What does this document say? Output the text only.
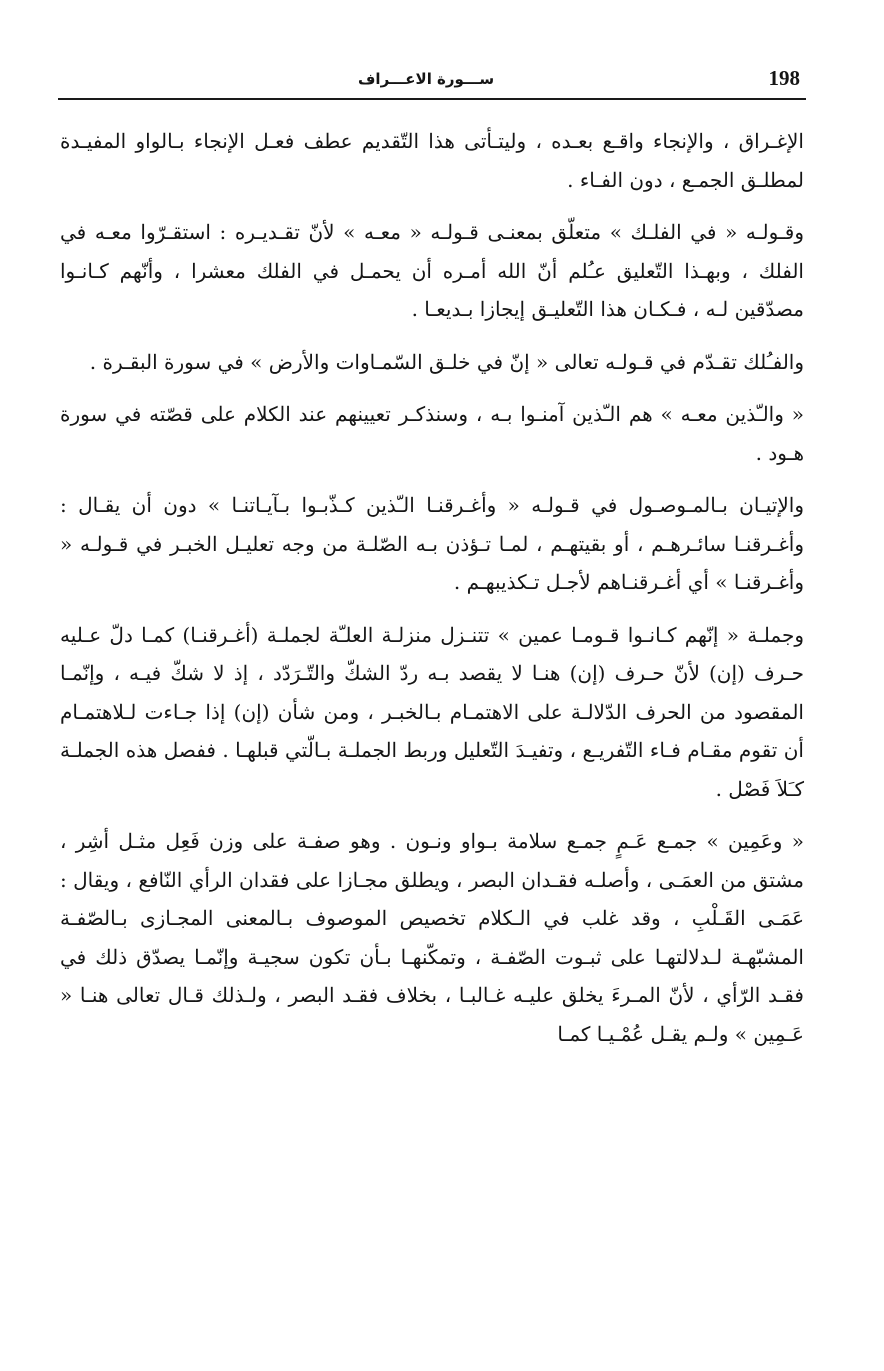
198
ســـورة الاعـــراف

الإغـراق ، والإنجاء واقـع بعـده ، وليتـأتى هذا التّقديم عطف فعـل الإنجاء بـالواو المفيـدة لمطلـق الجمـع ، دون الفـاء .

وقـولـه « في الفلـك » متعلّق بمعنـى قـولـه « معـه » لأنّ تقـديـره : استقـرّوا معـه في الفلك ، وبهـذا التّعليق عـُلم أنّ الله أمـره أن يحمـل في الفلك معشرا ، وأنّهم كـانـوا مصدّقين لـه ، فـكـان هذا التّعليـق إيجازا بـديعـا .

والفـُلك تقـدّم في قـولـه تعالى « إنّ في خلـق السّمـاوات والأرض » في سورة البقـرة .

« والـّذين معـه » هم الـّذين آمنـوا بـه ، وسنذكـر تعيينهم عند الكلام على قصّته في سورة هـود .

والإتيـان بـالمـوصـول في قـولـه « وأغـرقنـا الـّذين كـذّبـوا بـآيـاتنـا » دون أن يقـال : وأغـرقنـا سائـرهـم ، أو بقيتهـم ، لمـا تـؤذن بـه الصّلـة من وجه تعليـل الخبـر في قـولـه « وأغـرقنـا » أي أغـرقنـاهم لأجـل تـكذيبهـم .

وجملـة « إنّهم كـانـوا قـومـا عمين » تتنـزل منزلـة العلـّة لجملـة (أغـرقنـا) كمـا دلّ عـليه حـرف (إن) لأنّ حـرف (إن) هنـا لا يقصد بـه ردّ الشكّ والتّـرَدّد ، إذ لا شكّ فيـه ، وإنّمـا المقصود من الحرف الدّلالـة على الاهتمـام بـالخبـر ، ومن شأن (إن) إذا جـاءت لـلاهتمـام أن تقوم مقـام فـاء التّفريـع ، وتفيـدَ التّعليل وربط الجملـة بـالّتي قبلهـا . ففصل هذه الجملـة كـَلاَ فَصْل .

« وعَمِين » جمـع عَـمٍ جمـع سلامة بـواو ونـون . وهو صفـة على وزن فَعِل مثـل أشِر ، مشتق من العمَـى ، وأصلـه فقـدان البصر ، ويطلق مجـازا على فقدان الرأي النّافع ، ويقال : عَمَـى القَـلْبِ ، وقد غلب في الـكلام تخصيص الموصوف بـالمعنى المجـازى بـالصّفـة المشبّهـة لـدلالتهـا على ثبـوت الصّفـة ، وتمكّنهـا بـأن تكون سجيـة وإنّمـا يصدّق ذلك في فقـد الرّأي ، لأنّ المـرءَ يخلق عليـه غـالبـا ، بخلاف فقـد البصر ، ولـذلك قـال تعالى هنـا « عَـمِين » ولـم يقـل عُمْـيـا كمـا
